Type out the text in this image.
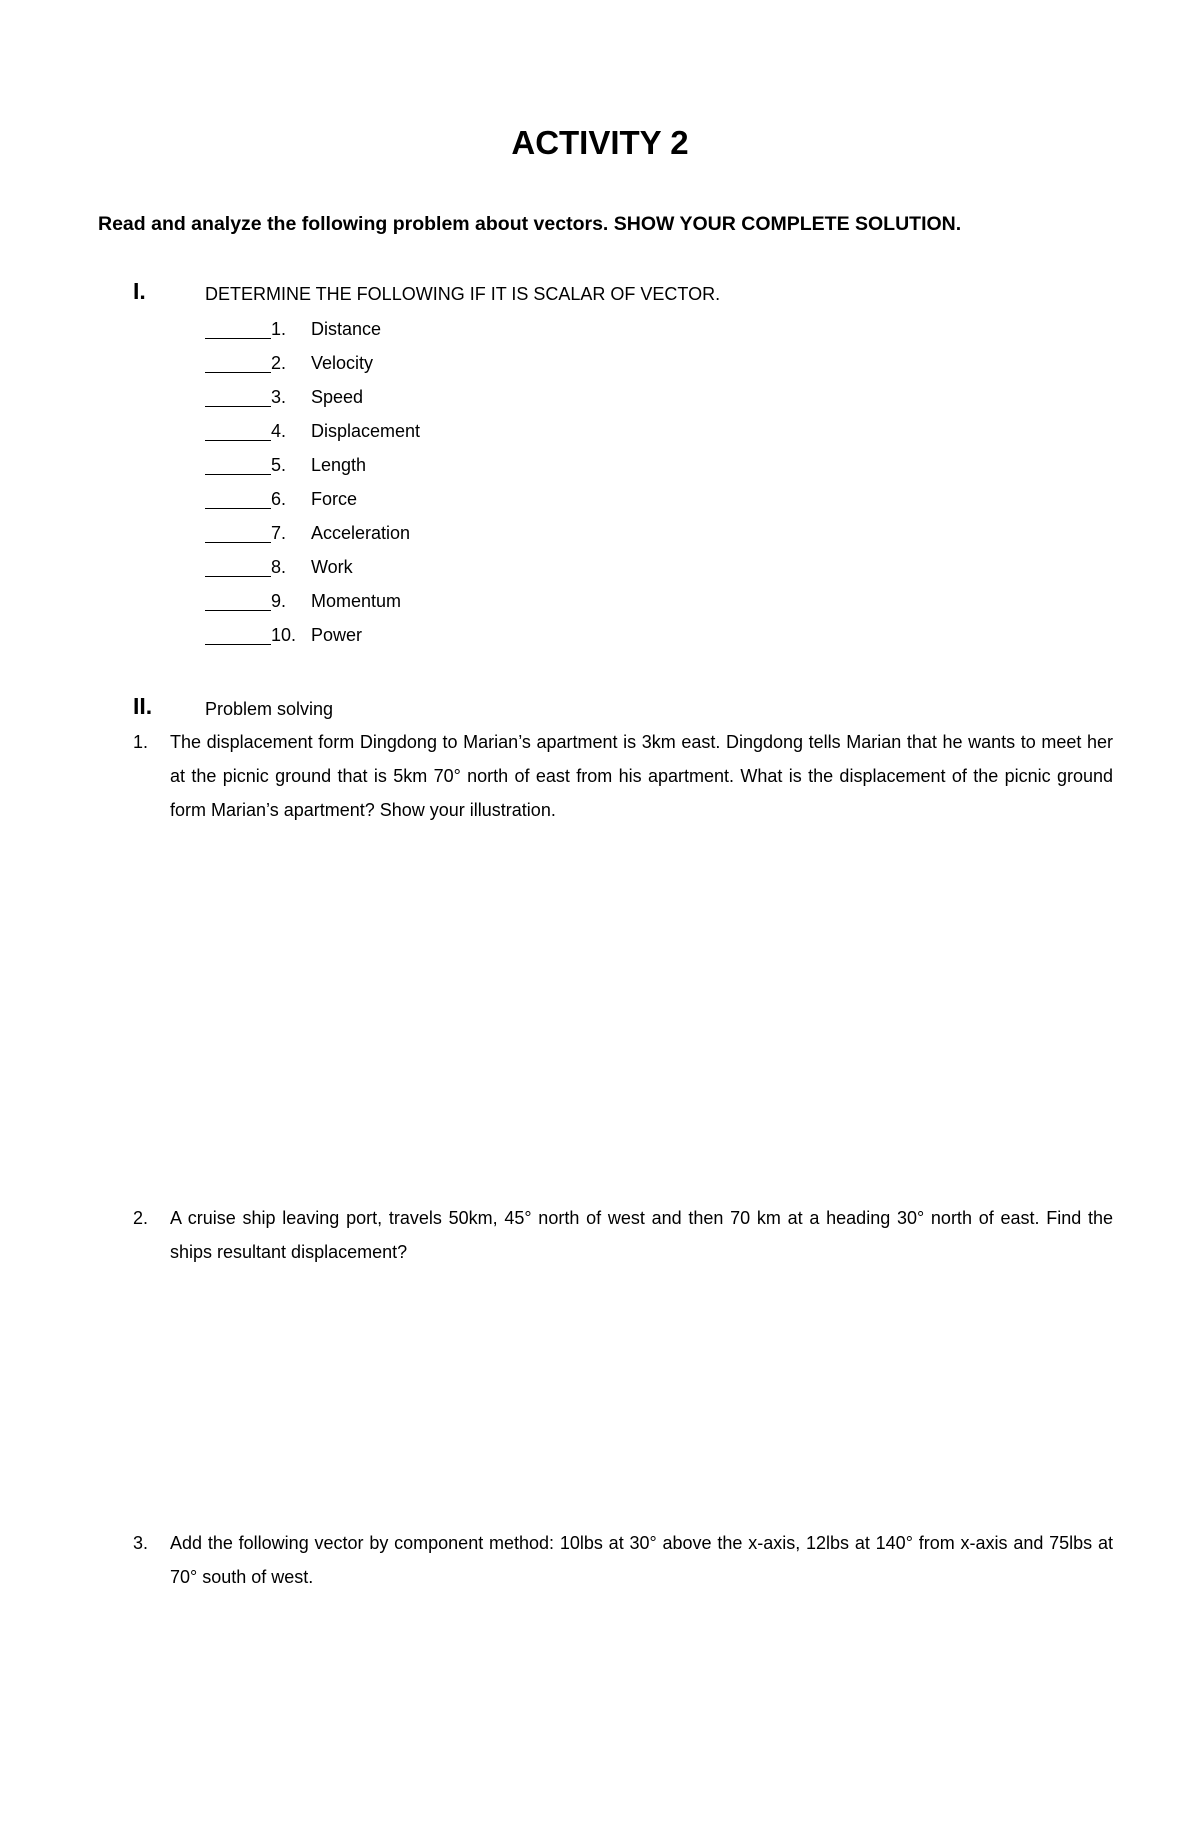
ACTIVITY 2
Read and analyze the following problem about vectors. SHOW YOUR COMPLETE SOLUTION.
I.	DETERMINE THE FOLLOWING IF IT IS SCALAR OF VECTOR.
1.	Distance
2.	Velocity
3.	Speed
4.	Displacement
5.	Length
6.	Force
7.	Acceleration
8.	Work
9.	Momentum
10. Power
II.	Problem solving
1. The displacement form Dingdong to Marian’s apartment is 3km east. Dingdong tells Marian that he wants to meet her at the picnic ground that is 5km 70° north of east from his apartment. What is the displacement of the picnic ground form Marian’s apartment? Show your illustration.
2. A cruise ship leaving port, travels 50km, 45° north of west and then 70 km at a heading 30° north of east. Find the ships resultant displacement?
3. Add the following vector by component method: 10lbs at 30° above the x-axis, 12lbs at 140° from x-axis and 75lbs at 70° south of west.
